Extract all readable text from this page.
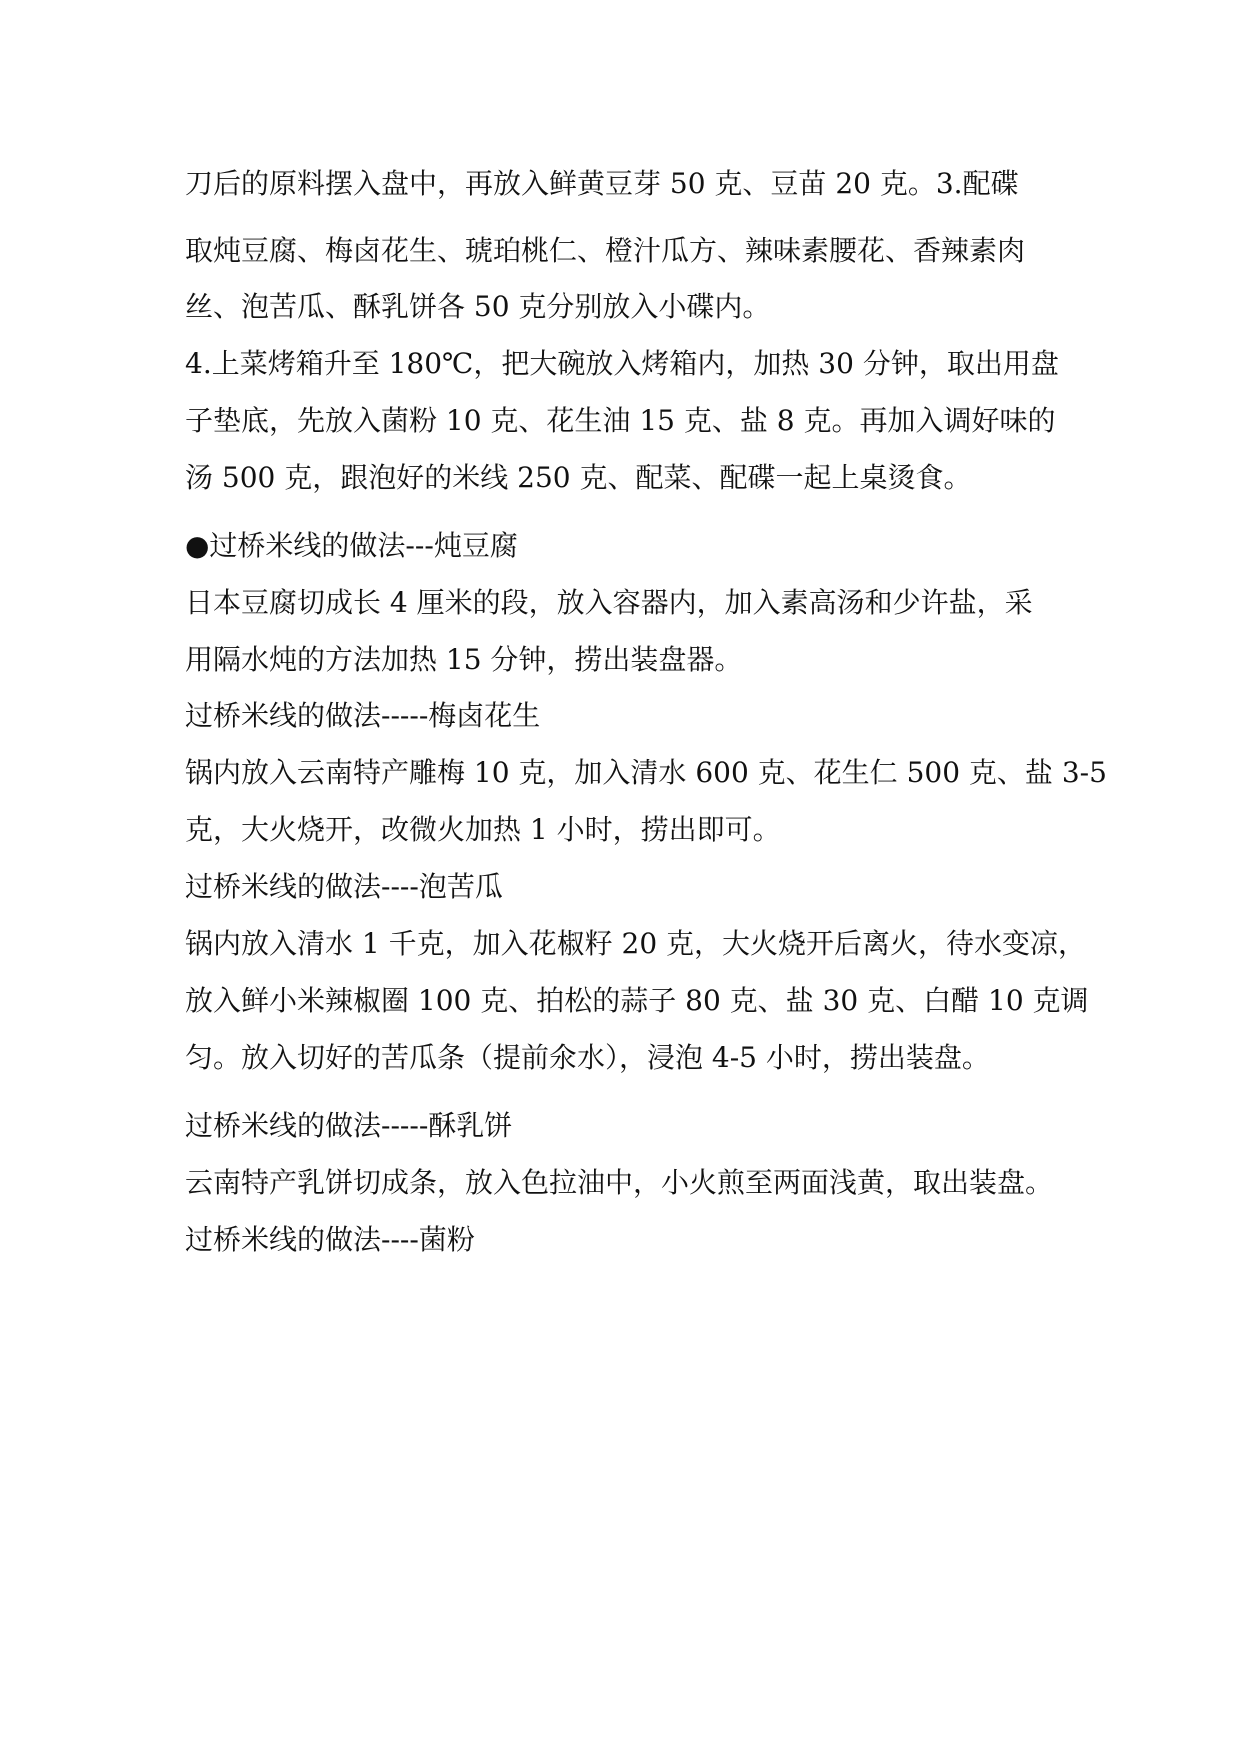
刀后的原料摆入盘中，再放入鲜黄豆芽 50 克、豆苗 20 克。3.配碟
取炖豆腐、梅卤花生、琥珀桃仁、橙汁瓜方、辣味素腰花、香辣素肉
丝、泡苦瓜、酥乳饼各 50 克分别放入小碟内。
4.上菜烤箱升至 180℃，把大碗放入烤箱内，加热 30 分钟，取出用盘
子垫底，先放入菌粉 10 克、花生油 15 克、盐 8 克。再加入调好味的
汤 500 克，跟泡好的米线 250 克、配菜、配碟一起上桌烫食。
●过桥米线的做法---炖豆腐
日本豆腐切成长 4 厘米的段，放入容器内，加入素高汤和少许盐，采
用隔水炖的方法加热 15 分钟，捞出装盘器。
过桥米线的做法-----梅卤花生
锅内放入云南特产雕梅 10 克，加入清水 600 克、花生仁 500 克、盐 3-5
克，大火烧开，改微火加热 1 小时，捞出即可。
过桥米线的做法----泡苦瓜
锅内放入清水 1 千克，加入花椒籽 20 克，大火烧开后离火，待水变凉，
放入鲜小米辣椒圈 100 克、拍松的蒜子 80 克、盐 30 克、白醋 10 克调
匀。放入切好的苦瓜条（提前氽水），浸泡 4-5 小时，捞出装盘。
过桥米线的做法-----酥乳饼
云南特产乳饼切成条，放入色拉油中，小火煎至两面浅黄，取出装盘。
过桥米线的做法----菌粉
